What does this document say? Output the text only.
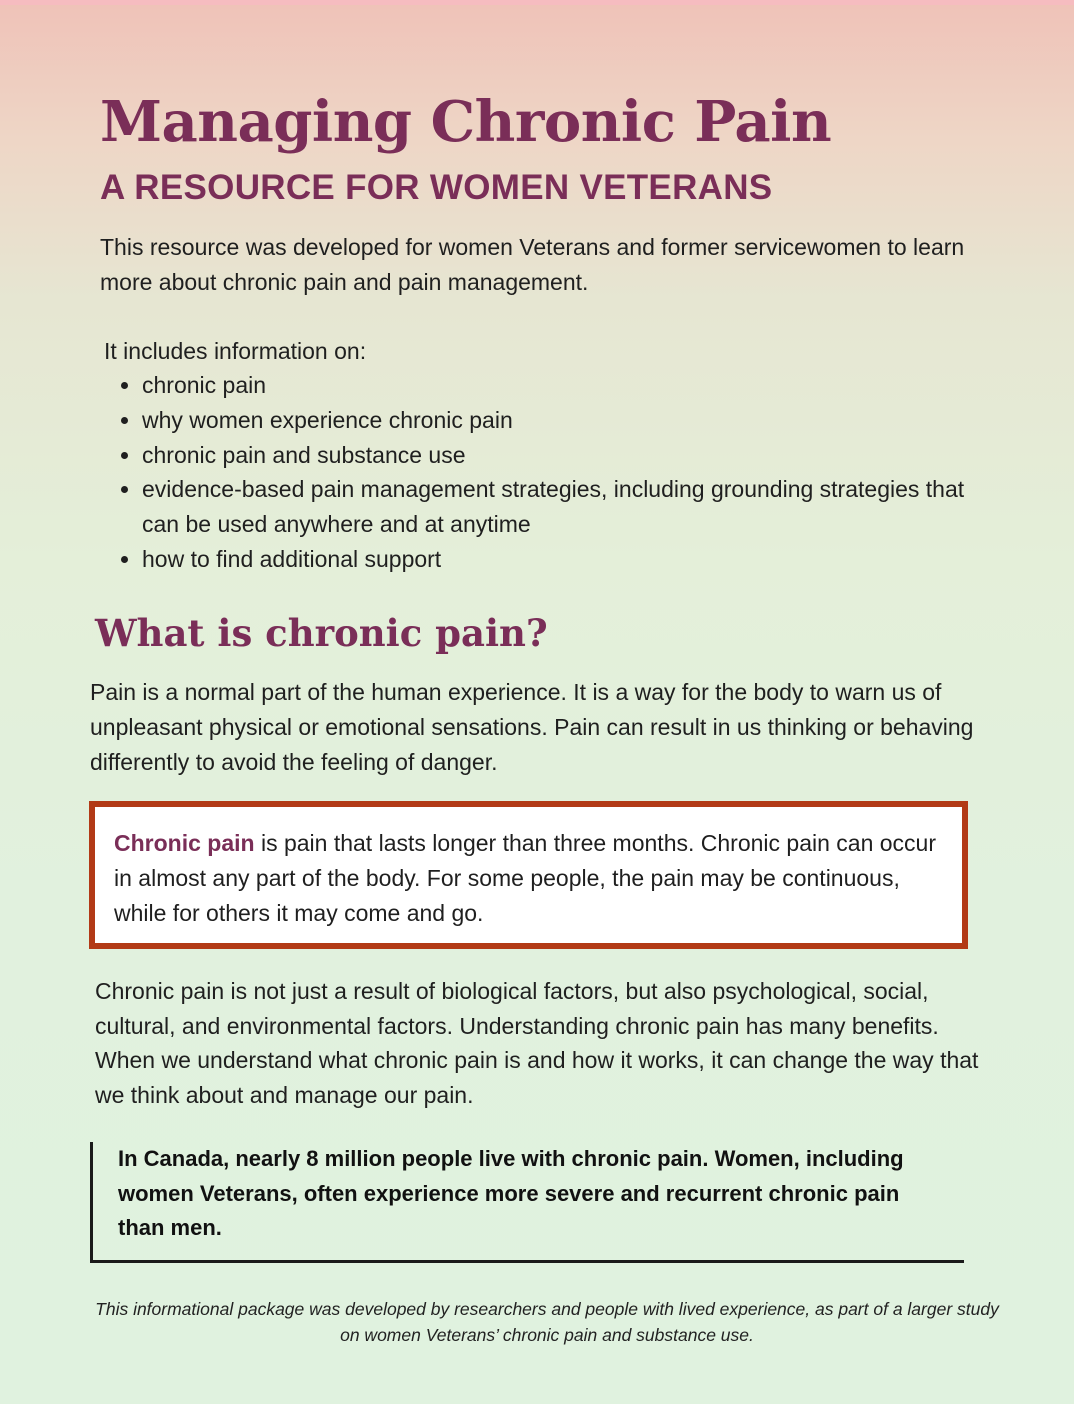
Managing Chronic Pain
A RESOURCE FOR WOMEN VETERANS

This resource was developed for women Veterans and former servicewomen to learn more about chronic pain and pain management.

It includes information on:

• chronic pain
• why women experience chronic pain
• chronic pain and substance use
• evidence-based pain management strategies, including grounding strategies that can be used anywhere and at anytime
• how to find additional support
What is chronic pain?

Pain is a normal part of the human experience. It is a way for the body to warn us of unpleasant physical or emotional sensations. Pain can result in us thinking or behaving differently to avoid the feeling of danger.

Chronic pain is pain that lasts longer than three months. Chronic pain can occur in almost any part of the body. For some people, the pain may be continuous, while for others it may come and go.

Chronic pain is not just a result of biological factors, but also psychological, social, cultural, and environmental factors. Understanding chronic pain has many benefits. When we understand what chronic pain is and how it works, it can change the way that we think about and manage our pain.

In Canada, nearly 8 million people live with chronic pain. Women, including women Veterans, often experience more severe and recurrent chronic pain than men.

This informational package was developed by researchers and people with lived experience, as part of a larger study on women Veterans’ chronic pain and substance use.
